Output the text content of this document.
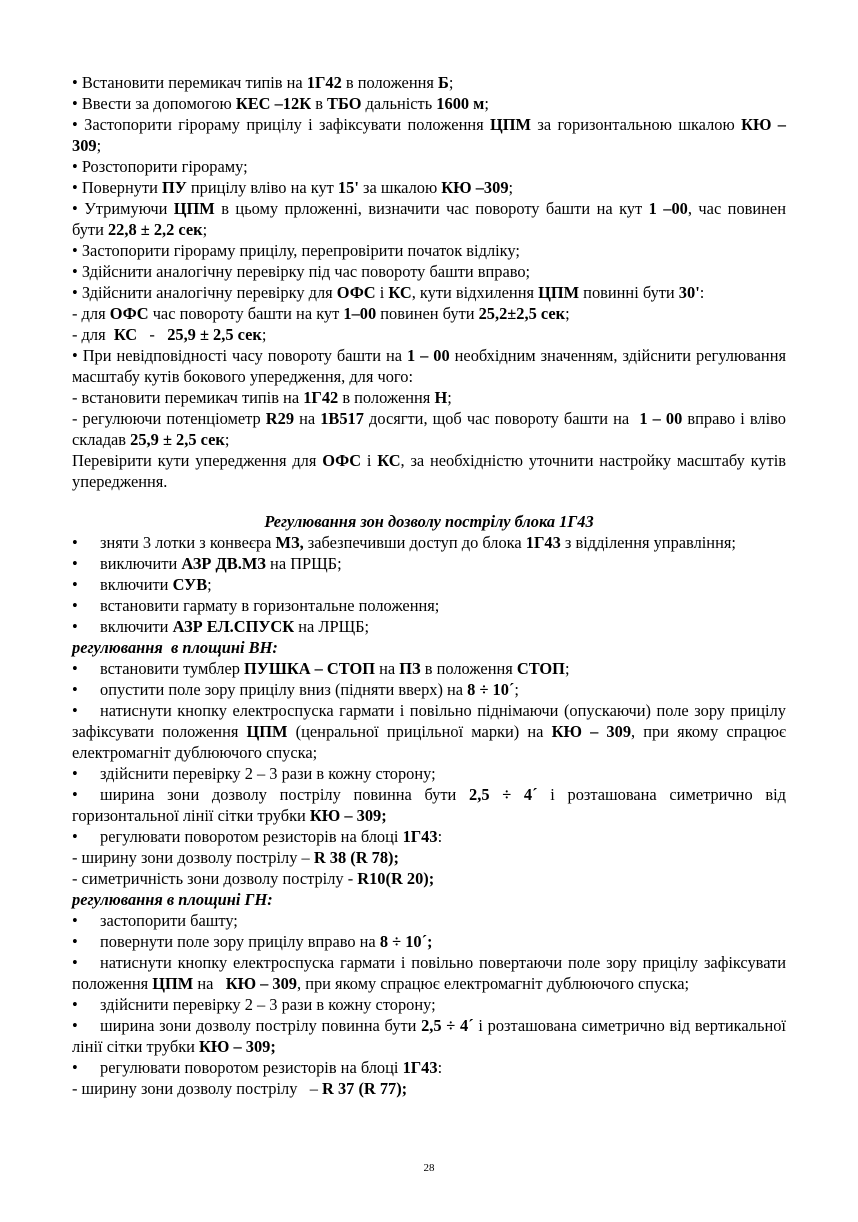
• Встановити перемикач типів на 1Г42 в положення Б;

• Ввести за допомогою КЕС –12К в ТБО дальність 1600 м;

• Застопорити гірораму прицілу і зафіксувати положення ЦПМ за горизонтальною шкалою КЮ –309;

• Розстопорити гірораму;

• Повернути ПУ прицілу вліво на кут 15' за шкалою КЮ –309;

• Утримуючи ЦПМ в цьому прложенні, визначити час повороту башти на кут 1 –00, час повинен бути 22,8 ± 2,2 сек;

• Застопорити гірораму прицілу, перепровірити початок відліку;

• Здійснити аналогічну перевірку під час повороту башти вправо;

• Здійснити аналогічну перевірку для ОФС і КС, кути відхилення ЦПМ повинні бути 30':

- для ОФС час повороту башти на кут 1–00 повинен бути 25,2±2,5 сек;

- для  КС   -   25,9 ± 2,5 сек;

• При невідповідності часу повороту башти на 1 – 00 необхідним значенням, здійснити регулювання масштабу кутів бокового упередження, для чого:

- встановити перемикач типів на 1Г42 в положення Н;

- регулюючи потенціометр R29 на 1В517 досягти, щоб час повороту башти на  1 – 00 вправо і вліво складав 25,9 ± 2,5 сек;

Перевірити кути упередження для ОФС і КС, за необхідністю уточнити настройку масштабу кутів упередження.

Регулювання зон дозволу пострілу блока 1Г43

• зняти 3 лотки з конвеєра МЗ, забезпечивши доступ до блока 1Г43 з відділення управління;

• виключити АЗР ДВ.МЗ на ПРЩБ;

• включити СУВ;

• встановити гармату в горизонтальне положення;

• включити АЗР ЕЛ.СПУСК на ЛРЩБ;

регулювання  в площині ВН:

• встановити тумблер ПУШКА – СТОП на ПЗ в положення СТОП;

• опустити поле зору прицілу вниз (підняти вверх) на 8 ÷ 10´;

• натиснути кнопку електроспуска гармати і повільно піднімаючи (опускаючи) поле зору прицілу зафіксувати положення ЦПМ (ценральної прицільної марки) на КЮ – 309, при якому спрацює електромагніт дублюючого спуска;

• здійснити перевірку 2 – 3 рази в кожну сторону;

• ширина зони дозволу пострілу повинна бути 2,5 ÷ 4´ і розташована симетрично від горизонтальної лінії сітки трубки КЮ – 309;

• регулювати поворотом резисторів на блоці 1Г43:

- ширину зони дозволу пострілу – R 38 (R 78);

- симетричність зони дозволу пострілу - R10(R 20);

регулювання в площині ГН:

• застопорити башту;

• повернути поле зору прицілу вправо на 8 ÷ 10´;

• натиснути кнопку електроспуска гармати і повільно повертаючи поле зору прицілу зафіксувати положення ЦПМ на   КЮ – 309, при якому спрацює електромагніт дублюючого спуска;

• здійснити перевірку 2 – 3 рази в кожну сторону;

• ширина зони дозволу пострілу повинна бути 2,5 ÷ 4´ і розташована симетрично від вертикальної лінії сітки трубки КЮ – 309;

• регулювати поворотом резисторів на блоці 1Г43:

- ширину зони дозволу пострілу   – R 37 (R 77);

28
